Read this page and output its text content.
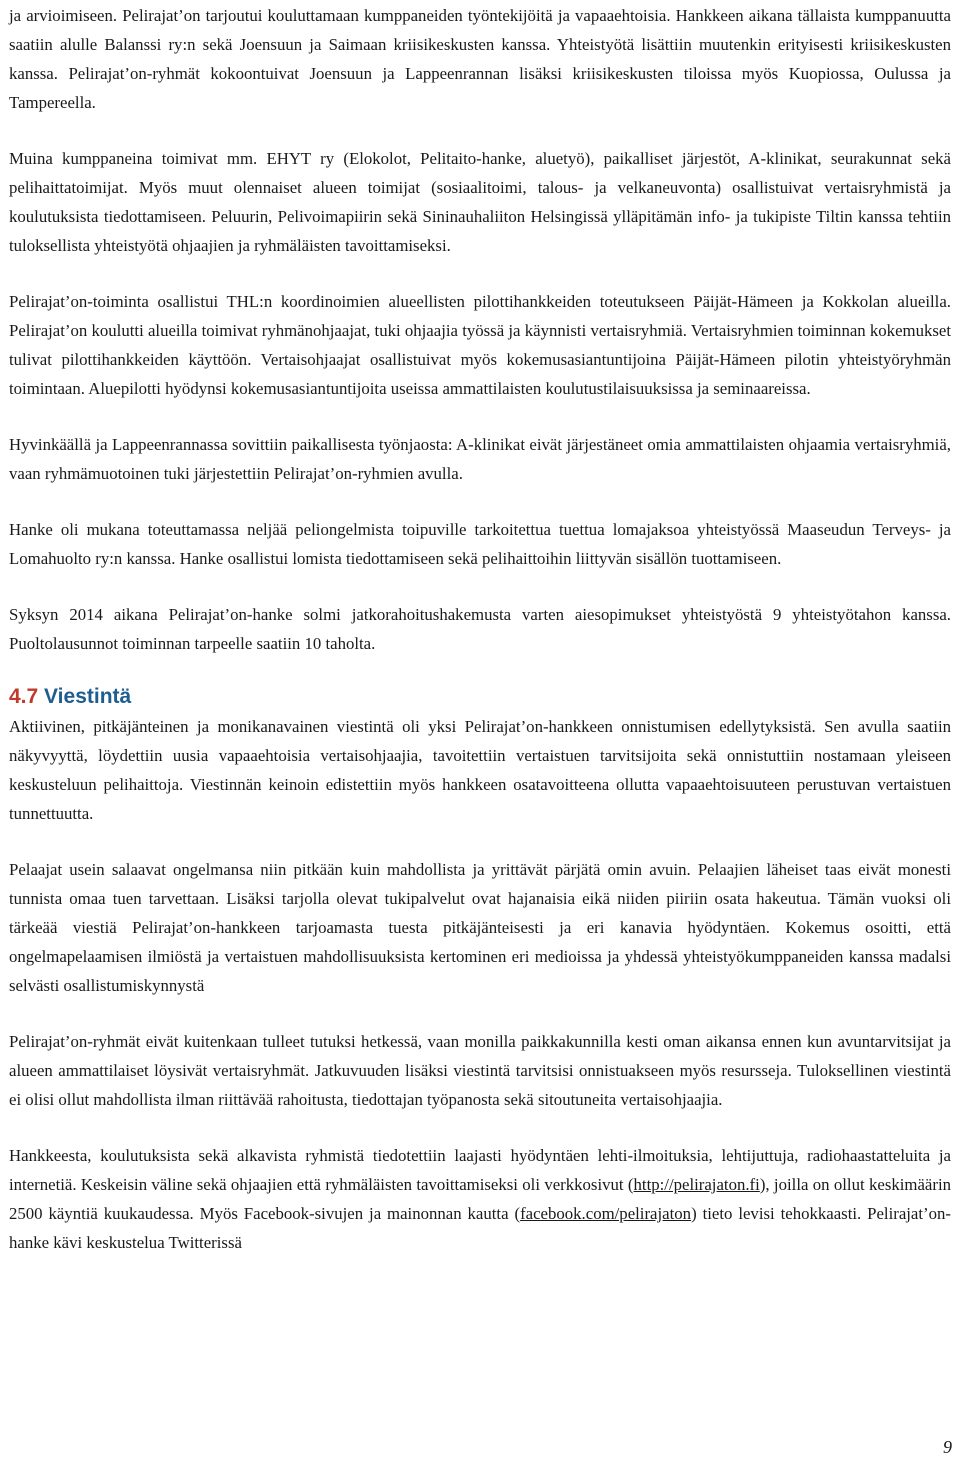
ja arvioimiseen. Pelirajat’on tarjoutui kouluttamaan kumppaneiden työntekijöitä ja vapaaehtoisia. Hankkeen aikana tällaista kumppanuutta saatiin alulle Balanssi ry:n sekä Joensuun ja Saimaan kriisikeskusten kanssa. Yhteistyötä lisättiin muutenkin erityisesti kriisikeskusten kanssa. Pelirajat’on-ryhmät kokoontuivat Joensuun ja Lappeenrannan lisäksi kriisikeskusten tiloissa myös Kuopiossa, Oulussa ja Tampereella.

Muina kumppaneina toimivat mm. EHYT ry (Elokolot, Pelitaito-hanke, aluetyö), paikalliset järjestöt, A-klinikat, seurakunnat sekä pelihaittatoimijat. Myös muut olennaiset alueen toimijat (sosiaalitoimi, talous- ja velkaneuvonta) osallistuivat vertaisryhmistä ja koulutuksista tiedottamiseen. Peluurin, Pelivoimapiirin sekä Sininauhaliiton Helsingissä ylläpitämän info- ja tukipiste Tiltin kanssa tehtiin tuloksellista yhteistyötä ohjaajien ja ryhmäläisten tavoittamiseksi.

Pelirajat’on-toiminta osallistui THL:n koordinoimien alueellisten pilottihankkeiden toteutukseen Päijät-Hämeen ja Kokkolan alueilla. Pelirajat’on koulutti alueilla toimivat ryhmänohjaajat, tuki ohjaajia työssä ja käynnisti vertaisryhmiä. Vertaisryhmien toiminnan kokemukset tulivat pilottihankkeiden käyttöön. Vertaisohjaajat osallistuivat myös kokemusasiantuntijoina Päijät-Hämeen pilotin yhteistyöryhmän toimintaan. Aluepilotti hyödynsi kokemusasiantuntijoita useissa ammattilaisten koulutustilaisuuksissa ja seminaareissa.

Hyvinkäällä ja Lappeenrannassa sovittiin paikallisesta työnjaosta: A-klinikat eivät järjestäneet omia ammattilaisten ohjaamia vertaisryhmiä, vaan ryhmämuotoinen tuki järjestettiin Pelirajat’on-ryhmien avulla.

Hanke oli mukana toteuttamassa neljää peliongelmista toipuville tarkoitettua tuettua lomajaksoa yhteistyössä Maaseudun Terveys- ja Lomahuolto ry:n kanssa. Hanke osallistui lomista tiedottamiseen sekä pelihaittoihin liittyvän sisällön tuottamiseen.

Syksyn 2014 aikana Pelirajat’on-hanke solmi jatkorahoitushakemusta varten aiesopimukset yhteistyöstä 9 yhteistyötahon kanssa. Puoltolausunnot toiminnan tarpeelle saatiin 10 taholta.

4.7 Viestintä

Aktiivinen, pitkäjänteinen ja monikanavainen viestintä oli yksi Pelirajat’on-hankkeen onnistumisen edellytyksistä. Sen avulla saatiin näkyvyyttä, löydettiin uusia vapaaehtoisia vertaisohjaajia, tavoitettiin vertaistuen tarvitsijoita sekä onnistuttiin nostamaan yleiseen keskusteluun pelihaittoja. Viestinnän keinoin edistettiin myös hankkeen osatavoitteena ollutta vapaaehtoisuuteen perustuvan vertaistuen tunnettuutta.

Pelaajat usein salaavat ongelmansa niin pitkään kuin mahdollista ja yrittävät pärjätä omin avuin. Pelaajien läheiset taas eivät monesti tunnista omaa tuen tarvettaan. Lisäksi tarjolla olevat tukipalvelut ovat hajanaisia eikä niiden piiriin osata hakeutua. Tämän vuoksi oli tärkeää viestiä Pelirajat’on-hankkeen tarjoamasta tuesta pitkäjänteisesti ja eri kanavia hyödyntäen. Kokemus osoitti, että ongelmapelaamisen ilmiöstä ja vertaistuen mahdollisuuksista kertominen eri medioissa ja yhdessä yhteistyökumppaneiden kanssa madalsi selvästi osallistumiskynnystä

Pelirajat’on-ryhmät eivät kuitenkaan tulleet tutuksi hetkessä, vaan monilla paikkakunnilla kesti oman aikansa ennen kun avuntarvitsijat ja alueen ammattilaiset löysivät vertaisryhmät. Jatkuvuuden lisäksi viestintä tarvitsisi onnistuakseen myös resursseja. Tuloksellinen viestintä ei olisi ollut mahdollista ilman riittävää rahoitusta, tiedottajan työpanosta sekä sitoutuneita vertaisohjaajia.

Hankkeesta, koulutuksista sekä alkavista ryhmistä tiedotettiin laajasti hyödyntäen lehti-ilmoituksia, lehtijuttuja, radiohaastatteluita ja internetiä. Keskeisin väline sekä ohjaajien että ryhmäläisten tavoittamiseksi oli verkkosivut (http://pelirajaton.fi), joilla on ollut keskimäärin 2500 käyntiä kuukaudessa. Myös Facebook-sivujen ja mainonnan kautta (facebook.com/pelirajaton) tieto levisi tehokkaasti. Pelirajat’on-hanke kävi keskustelua Twitterissä

9
